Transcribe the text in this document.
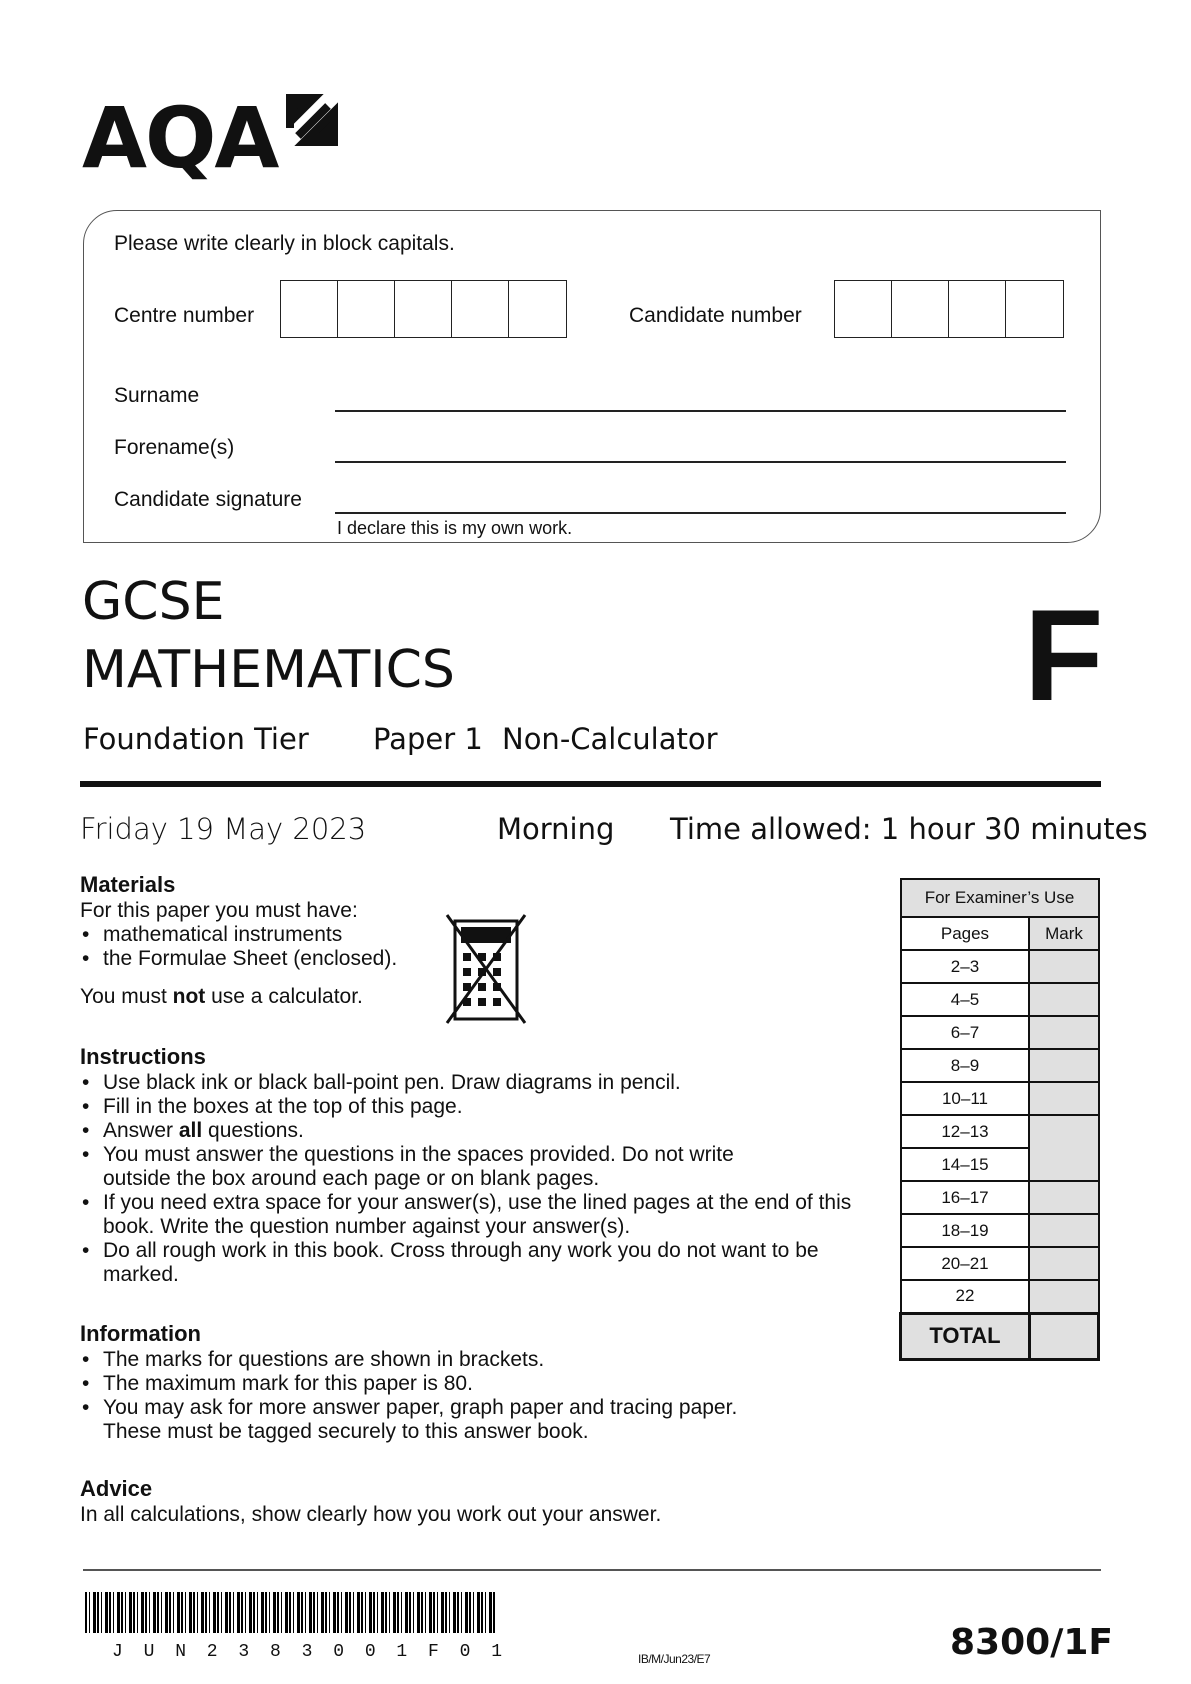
AQA
Please write clearly in block capitals.
Centre number	Candidate number
Surname
Forename(s)
Candidate signature
I declare this is my own work.
GCSE
MATHEMATICS	F
Foundation Tier Paper 1 Non-Calculator
Friday 19 May 2023	Morning Time allowed: 1 hour 30 minutes
Materials
For this paper you must have:
• mathematical instruments
• the Formulae Sheet (enclosed).
You must not use a calculator.
Instructions
• Use black ink or black ball-point pen. Draw diagrams in pencil.
• Fill in the boxes at the top of this page.
• Answer all questions.
• You must answer the questions in the spaces provided. Do not write outside the box around each page or on blank pages.
• If you need extra space for your answer(s), use the lined pages at the end of this book. Write the question number against your answer(s).
• Do all rough work in this book. Cross through any work you do not want to be marked.
Information
• The marks for questions are shown in brackets.
• The maximum mark for this paper is 80.
• You may ask for more answer paper, graph paper and tracing paper. These must be tagged securely to this answer book.
Advice
In all calculations, show clearly how you work out your answer.
For Examiner’s Use	
Pages	Mark
2–3	
4–5	
6–7	
8–9	
10–11	
12–13	
14–15	
16–17	
18–19	
20–21	
22	
TOTAL	
J U N 2 3 8 3 0 0 1 F 0 1	IB/M/Jun23/E7	8300/1F
